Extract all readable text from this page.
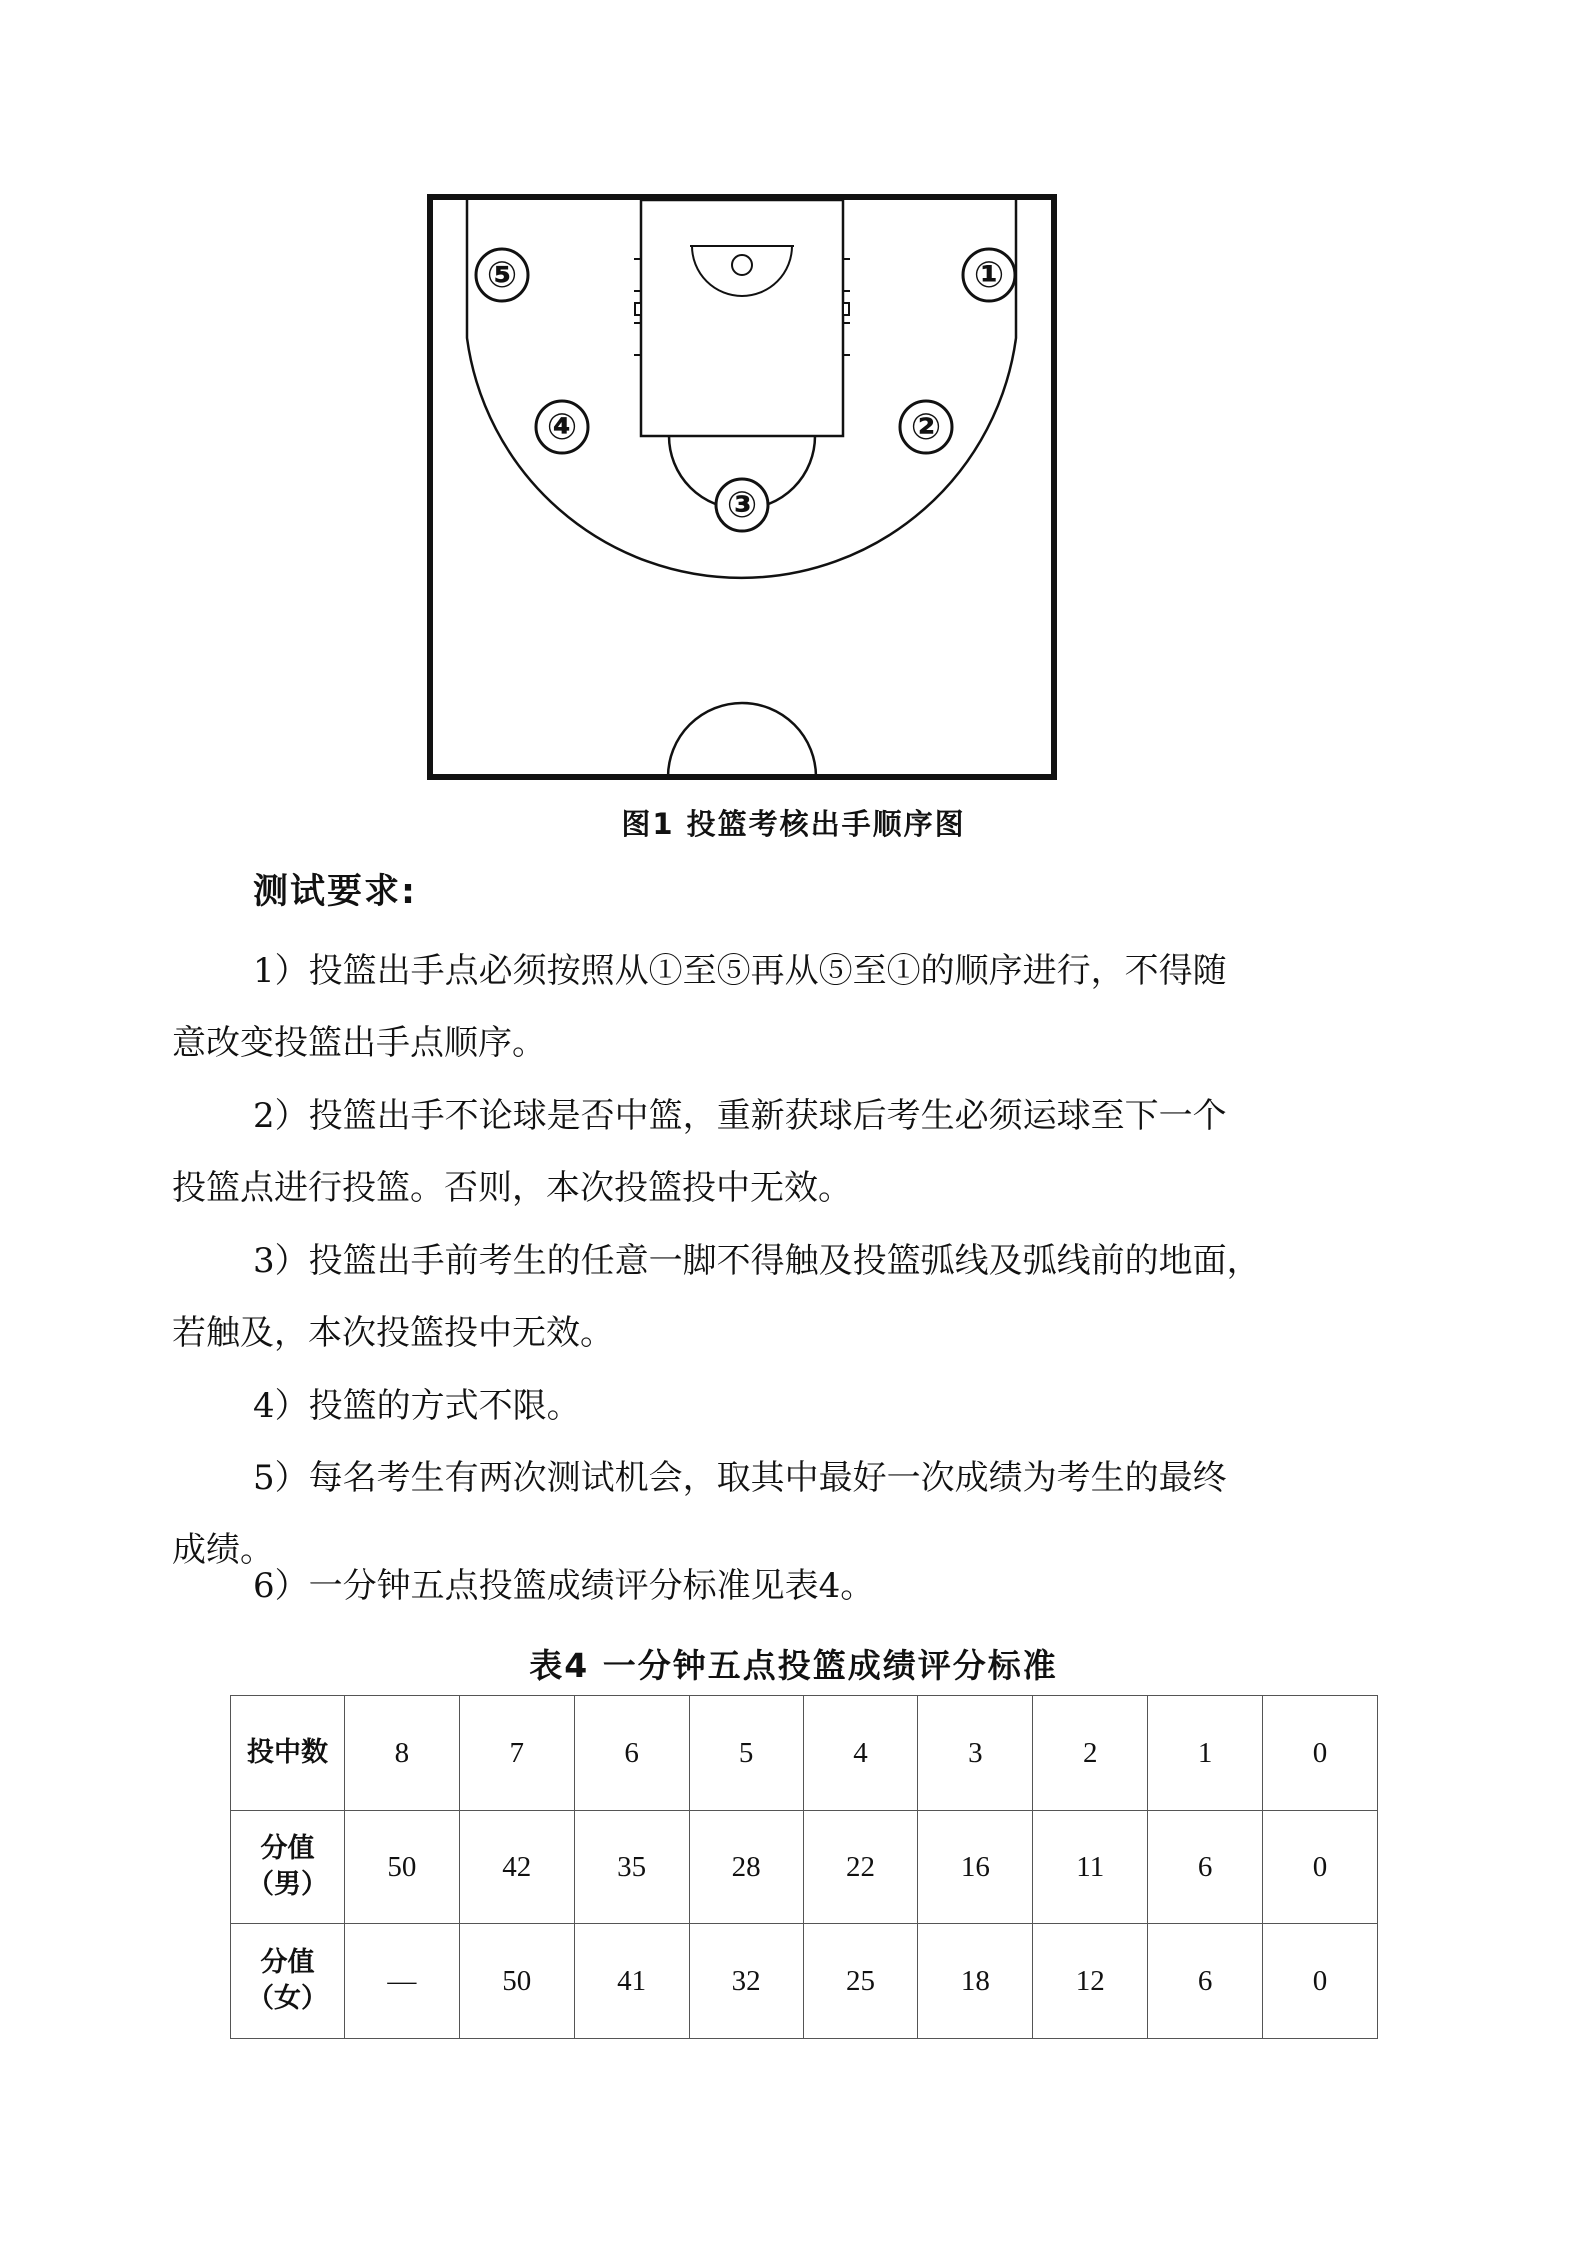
①
②
③
④
⑤
图1 投篮考核出手顺序图
测试要求:
1）投篮出手点必须按照从①至⑤再从⑤至①的顺序进行，不得随
意改变投篮出手点顺序。
2）投篮出手不论球是否中篮，重新获球后考生必须运球至下一个
投篮点进行投篮。否则，本次投篮投中无效。
3）投篮出手前考生的任意一脚不得触及投篮弧线及弧线前的地面，
若触及，本次投篮投中无效。
4）投篮的方式不限。
5）每名考生有两次测试机会，取其中最好一次成绩为考生的最终
成绩。
6）一分钟五点投篮成绩评分标准见表4。
表4 一分钟五点投篮成绩评分标准
投中数	8	7	6	5	4	3	2	1	0
分值
（男）	50	42	35	28	22	16	11	6	0
分值
（女）	—	50	41	32	25	18	12	6	0
